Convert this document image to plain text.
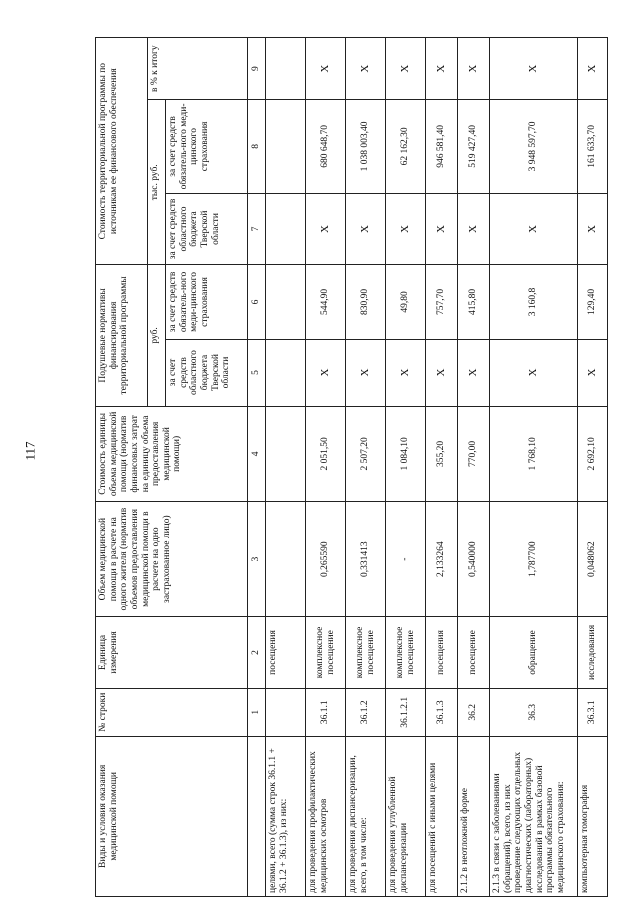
117
Виды и условия оказания медицинской помощи	№ строки	Единица измерения	Объем медицинской помощи в расчете на одного жителя (норматив объемов предоставления медицинской помощи в расчете на одно застрахованное лицо)	Стоимость единицы объема медицинской помощи (норматив финансовых затрат на единицу объема предоставления медицинской помощи)	Подушевые нормативы финансирования территориальной программы		Стоимость территориальной программы по источникам ее финансового обеспечения		
					руб.		тыс. руб.		в % к итогу
					за счет средств областного бюджета Тверской области	за счет средств обязатель-ного меди-цинского страхования	за счет средств областного бюджета Тверской области	за счет средств обязатель-ного меди-цинского страхования	
	1	2	3	4	5	6	7	8	9
целями, всего (сумма строк 36.1.1 + 36.1.2 + 36.1.3), из них:		посещения							
для проведения профилактических медицинских осмотров	36.1.1	комплексное посещение	0,265590	2 051,50	X	544,90	X	680 648,70	X
для проведения диспансеризации, всего, в том числе:	36.1.2	комплексное посещение	0,331413	2 507,20	X	830,90	X	1 038 003,40	X
для проведения углубленной диспансеризации	36.1.2.1	комплексное посещение	-	1 084,10	X	49,80	X	62 162,30	X
для посещений с иными целями	36.1.3	посещения	2,133264	355,20	X	757,70	X	946 581,40	X
2.1.2 в неотложной форме	36.2	посещение	0,540000	770,00	X	415,80	X	519 427,40	X
2.1.3 в связи с заболеваниями (обращений), всего, из них проведение следующих отдельных диагностических (лабораторных) исследований в рамках базовой программы обязательного медицинского страхования:	36.3	обращение	1,787700	1 768,10	X	3 160,8	X	3 948 597,70	X
компьютерная томография	36.3.1	исследования	0,048062	2 692,10	X	129,40	X	161 633,70	X
